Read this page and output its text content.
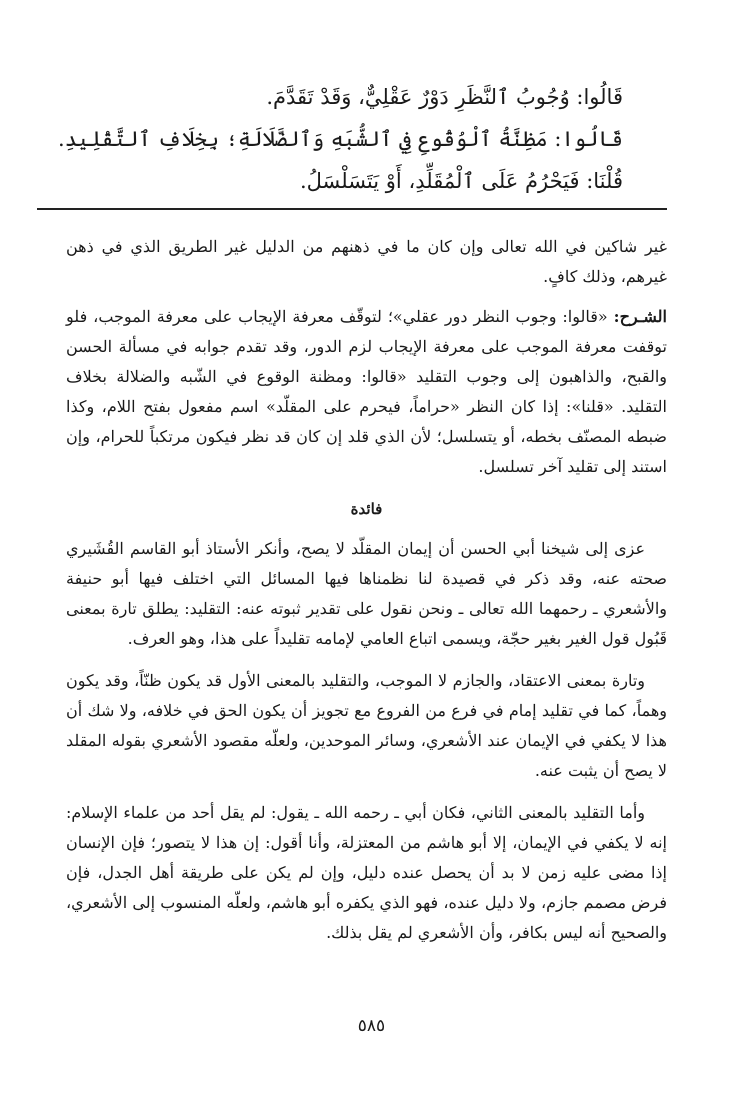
قَالُوا: وُجُوبُ ٱلنَّظَرِ دَوْرٌ عَقْلِيٌّ، وَقَدْ تَقَدَّمَ.
قَالُوا: مَظِنَّةُ ٱلْوُقُوعِ فِي ٱلشُّبَهِ وَٱلضَّلَالَةِ؛ بِخِلَافِ ٱلتَّقْلِيدِ.
قُلْنَا: فَيَحْرُمُ عَلَى ٱلْمُقَلِّدِ، أَوْ يَتَسَلْسَلُ.

غير شاكين في الله تعالى وإن كان ما في ذهنهم من الدليل غير الطريق الذي في ذهن غيرهم، وذلك كافٍ.

الشـرح: «قالوا: وجوب النظر دور عقلي»؛ لتوقّف معرفة الإيجاب على معرفة الموجب، فلو توقفت معرفة الموجب على معرفة الإيجاب لزم الدور، وقد تقدم جوابه في مسألة الحسن والقبح، والذاهبون إلى وجوب التقليد «قالوا: ومظنة الوقوع في الشّبه والضلالة بخلاف التقليد. «قلنا»: إذا كان النظر «حراماً، فيحرم على المقلّد» اسم مفعول بفتح اللام، وكذا ضبطه المصنّف بخطه، أو يتسلسل؛ لأن الذي قلد إن كان قد نظر فيكون مرتكباً للحرام، وإن استند إلى تقليد آخر تسلسل.

فائدة

عزى إلى شيخنا أبي الحسن أن إيمان المقلّد لا يصح، وأنكر الأستاذ أبو القاسم القُشَيري صحته عنه، وقد ذكر في قصيدة لنا نظمناها فيها المسائل التي اختلف فيها أبو حنيفة والأشعري ـ رحمهما الله تعالى ـ ونحن نقول على تقدير ثبوته عنه: التقليد: يطلق تارة بمعنى قَبُول قول الغير بغير حجّة، ويسمى اتباع العامي لإمامه تقليداً على هذا، وهو العرف.

وتارة بمعنى الاعتقاد، والجازم لا الموجب، والتقليد بالمعنى الأول قد يكون ظنّاً، وقد يكون وهماً، كما في تقليد إمام في فرع من الفروع مع تجويز أن يكون الحق في خلافه، ولا شك أن هذا لا يكفي في الإيمان عند الأشعري، وسائر الموحدين، ولعلّه مقصود الأشعري بقوله المقلد لا يصح أن يثبت عنه.

وأما التقليد بالمعنى الثاني، فكان أبي ـ رحمه الله ـ يقول: لم يقل أحد من علماء الإسلام: إنه لا يكفي في الإيمان، إلا أبو هاشم من المعتزلة، وأنا أقول: إن هذا لا يتصور؛ فإن الإنسان إذا مضى عليه زمن لا بد أن يحصل عنده دليل، وإن لم يكن على طريقة أهل الجدل، فإن فرض مصمم جازم، ولا دليل عنده، فهو الذي يكفره أبو هاشم، ولعلّه المنسوب إلى الأشعري، والصحيح أنه ليس بكافر، وأن الأشعري لم يقل بذلك.

٥٨٥
